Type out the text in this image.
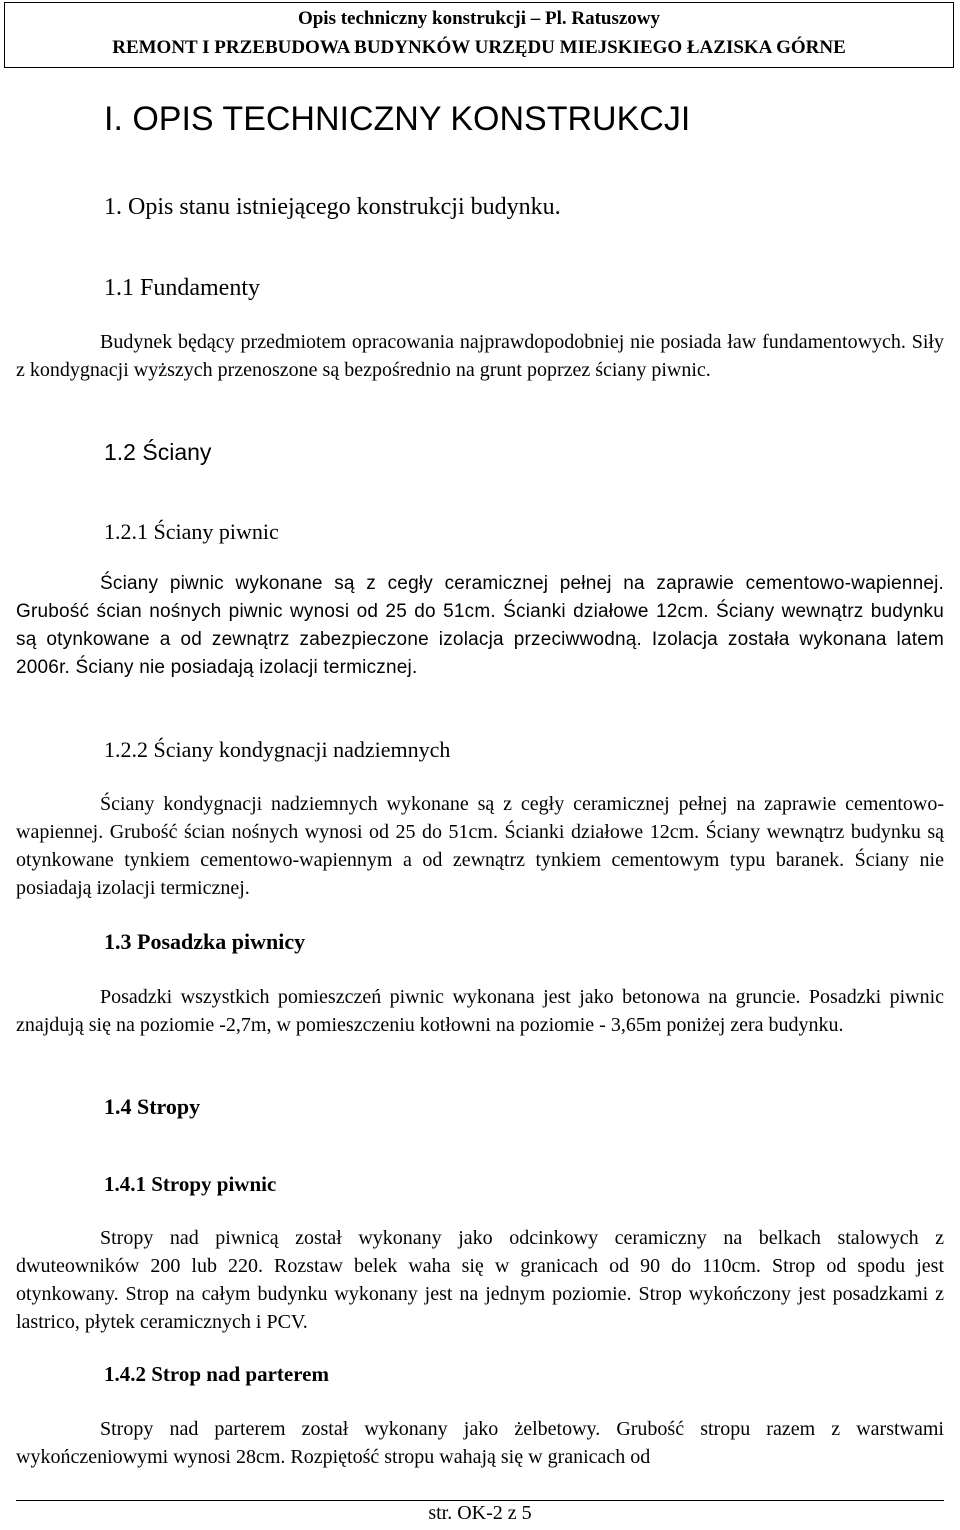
Opis techniczny konstrukcji – Pl. Ratuszowy
REMONT I PRZEBUDOWA BUDYNKÓW URZĘDU MIEJSKIEGO ŁAZISKA GÓRNE
I. OPIS TECHNICZNY KONSTRUKCJI
1. Opis stanu istniejącego konstrukcji budynku.
1.1 Fundamenty
Budynek będący przedmiotem opracowania najprawdopodobniej nie posiada ław fundamentowych. Siły z kondygnacji wyższych przenoszone są bezpośrednio na grunt poprzez ściany piwnic.
1.2 Ściany
1.2.1 Ściany piwnic
Ściany piwnic wykonane są z cegły ceramicznej pełnej na zaprawie cementowo-wapiennej. Grubość ścian nośnych piwnic wynosi od 25 do 51cm. Ścianki działowe 12cm. Ściany wewnątrz budynku są otynkowane a od zewnątrz zabezpieczone izolacja przeciwwodną. Izolacja została wykonana latem 2006r. Ściany nie posiadają izolacji termicznej.
1.2.2 Ściany kondygnacji nadziemnych
Ściany kondygnacji nadziemnych wykonane są z cegły ceramicznej pełnej na zaprawie cementowo-wapiennej. Grubość ścian nośnych wynosi od 25 do 51cm. Ścianki działowe 12cm. Ściany wewnątrz budynku są otynkowane tynkiem cementowo-wapiennym a od zewnątrz tynkiem cementowym typu baranek. Ściany nie posiadają izolacji termicznej.
1.3 Posadzka piwnicy
Posadzki wszystkich pomieszczeń piwnic wykonana jest jako betonowa na gruncie. Posadzki piwnic znajdują się na poziomie -2,7m, w pomieszczeniu kotłowni na poziomie - 3,65m poniżej zera budynku.
1.4 Stropy
1.4.1 Stropy piwnic
Stropy nad piwnicą został wykonany jako odcinkowy ceramiczny na belkach stalowych z dwuteowników 200 lub 220. Rozstaw belek waha się w granicach od 90 do 110cm. Strop od spodu jest otynkowany. Strop na całym budynku wykonany jest na jednym poziomie. Strop wykończony jest posadzkami z lastrico, płytek ceramicznych i PCV.
1.4.2 Strop nad parterem
Stropy nad parterem został wykonany jako żelbetowy. Grubość stropu razem z warstwami wykończeniowymi wynosi 28cm. Rozpiętość stropu wahają się w granicach od
str. OK-2 z 5
